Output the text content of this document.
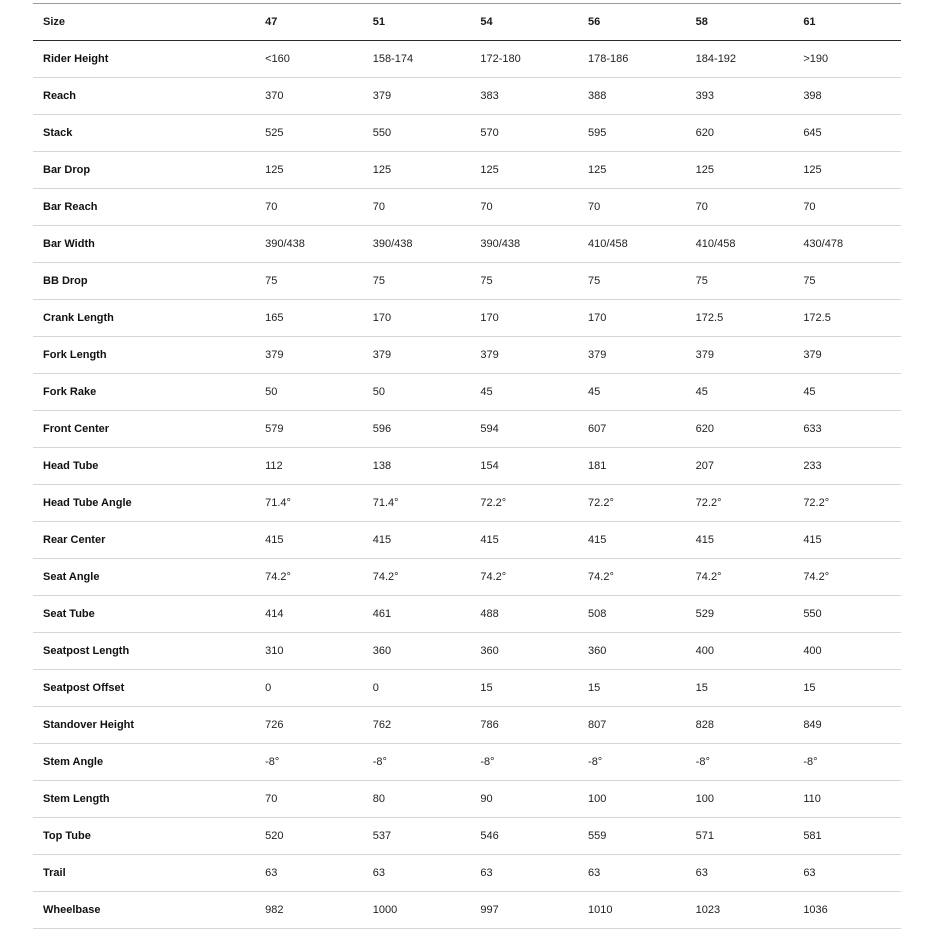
Size	47	51	54	56	58	61
Rider Height	<160	158-174	172-180	178-186	184-192	>190
Reach	370	379	383	388	393	398
Stack	525	550	570	595	620	645
Bar Drop	125	125	125	125	125	125
Bar Reach	70	70	70	70	70	70
Bar Width	390/438	390/438	390/438	410/458	410/458	430/478
BB Drop	75	75	75	75	75	75
Crank Length	165	170	170	170	172.5	172.5
Fork Length	379	379	379	379	379	379
Fork Rake	50	50	45	45	45	45
Front Center	579	596	594	607	620	633
Head Tube	112	138	154	181	207	233
Head Tube Angle	71.4°	71.4°	72.2°	72.2°	72.2°	72.2°
Rear Center	415	415	415	415	415	415
Seat Angle	74.2°	74.2°	74.2°	74.2°	74.2°	74.2°
Seat Tube	414	461	488	508	529	550
Seatpost Length	310	360	360	360	400	400
Seatpost Offset	0	0	15	15	15	15
Standover Height	726	762	786	807	828	849
Stem Angle	-8°	-8°	-8°	-8°	-8°	-8°
Stem Length	70	80	90	100	100	110
Top Tube	520	537	546	559	571	581
Trail	63	63	63	63	63	63
Wheelbase	982	1000	997	1010	1023	1036
